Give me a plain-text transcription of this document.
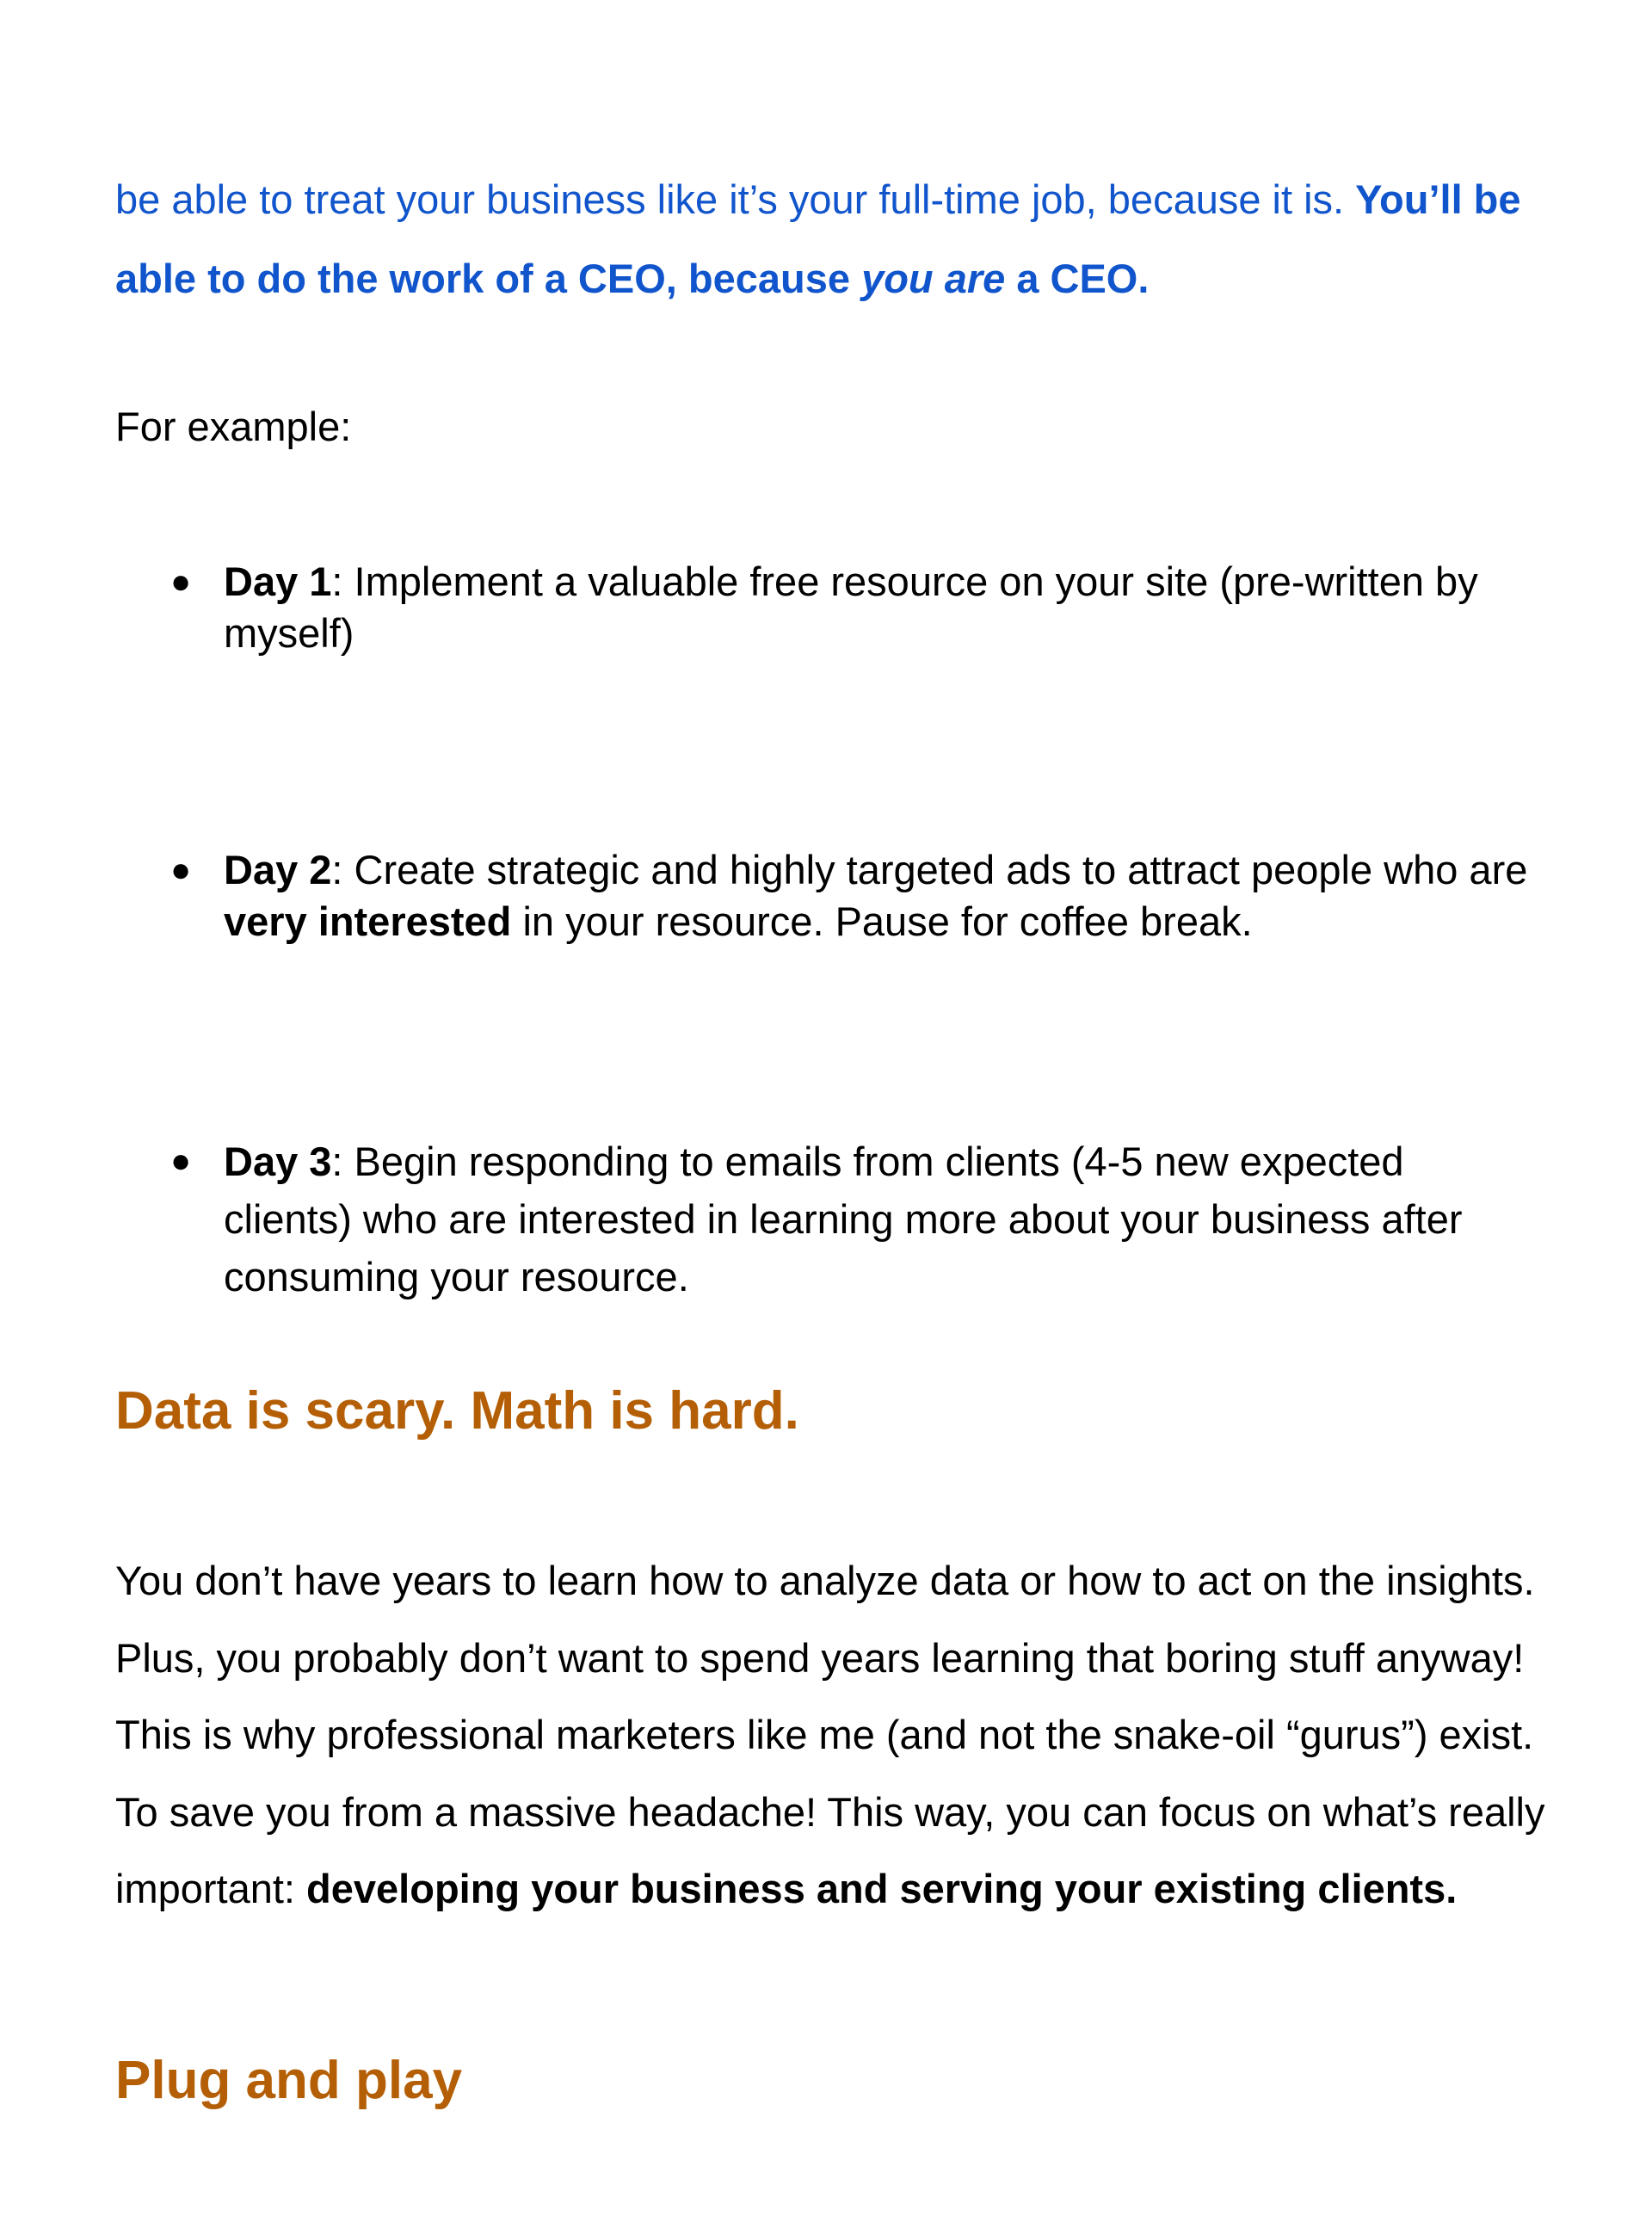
be able to treat your business like it’s your full-time job, because it is. You’ll be able to do the work of a CEO, because you are a CEO.

For example:

● Day 1: Implement a valuable free resource on your site (pre-written by myself)

● Day 2: Create strategic and highly targeted ads to attract people who are very interested in your resource. Pause for coffee break.

● Day 3: Begin responding to emails from clients (4-5 new expected clients) who are interested in learning more about your business after consuming your resource.

Data is scary. Math is hard.

You don’t have years to learn how to analyze data or how to act on the insights. Plus, you probably don’t want to spend years learning that boring stuff anyway! This is why professional marketers like me (and not the snake-oil “gurus”) exist. To save you from a massive headache! This way, you can focus on what’s really important: developing your business and serving your existing clients.

Plug and play
